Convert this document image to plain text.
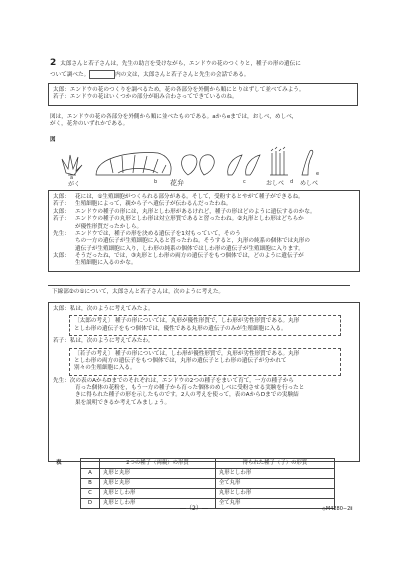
2 太郎さんと若子さんは，先生の助言を受けながら，エンドウの花のつくりと，種子の形の遺伝に
ついて調べた。	内の文は，太郎さんと若子さんと先生の会話である。
太郎：エンドウの花のつくりを調べるため，花の各部分を外側から順にとりはずして並べてみよう。
若子：エンドウの花はいくつかの部分が組み合わさってできているのね。
図は，エンドウの花の各部分を外側から順に並べたものである。aからeまでは，おしべ，めしべ，
がく，花弁のいずれかである。
図
がく	花弁	おしべ	めしべ
a
b	c	d
e
太郎： 花には，①生殖細胞がつくられる部分がある。そして，受粉するとやがて種子ができるね。
若子： 生殖細胞によって，親から子へ遺伝子が伝わるんだったわね。
太郎： エンドウの種子の形には，丸形としわ形があるけれど，種子の形はどのように遺伝するのかな。
若子： エンドウの種子の丸形としわ形は対立形質であると習ったわね。②丸形としわ形はどちらか
が優性形質だったかしら。
先生： エンドウでは，種子の形を決める遺伝子を1対もっていて，そのう
ちの一方の遺伝子が生殖細胞に入ると習ったわね。そうすると，丸形の純系の個体では丸形の
遺伝子が生殖細胞に入り，しわ形の純系の個体ではしわ形の遺伝子が生殖細胞に入ります。
太郎： そうだったね，では，③丸形としわ形の両方の遺伝子をもつ個体では，どのように遺伝子が
生殖細胞に入るのかな。
下線部②の①について，太郎さんと若子さんは，次のように考えた。
太郎：私は，次のように考えてみたよ。
〔太郎の考え〕 種子の形については，丸形が優性形質で，しわ形が劣性形質である。丸形
としわ形の遺伝子をもつ個体では，優性である丸形の遺伝子のみが生殖細胞に入る。
若子：私は，次のように考えてみたわ。
〔若子の考え〕 種子の形については，しわ形が優性形質で，丸形が劣性形質である。丸形
としわ形の両方の遺伝子をもつ個体では，丸形の遺伝子としわ形の遺伝子が分かれて
別々の生殖細胞に入る。
先生：次の表のAからDまでのそれぞれは，エンドウの2つの種子をまいて育て，一方の種子から
育った個体の花粉を，もう一方の種子から育った個体のめしべに受粉させる実験を行ったと
きに得られた種子の形を示したものです。2人の考えを使って，表のAからDまでの実験結
果を説明できるか考えてみましょう。
表
		2つの種子（両親）の形質	得られた種子（子）の形質
A	丸形と丸形	丸形としわ形
B	丸形と丸形	全て丸形
C	丸形としわ形	丸形としわ形
D	丸形としわ形	全て丸形
―（2）―	◇M4280−2ⅱ
